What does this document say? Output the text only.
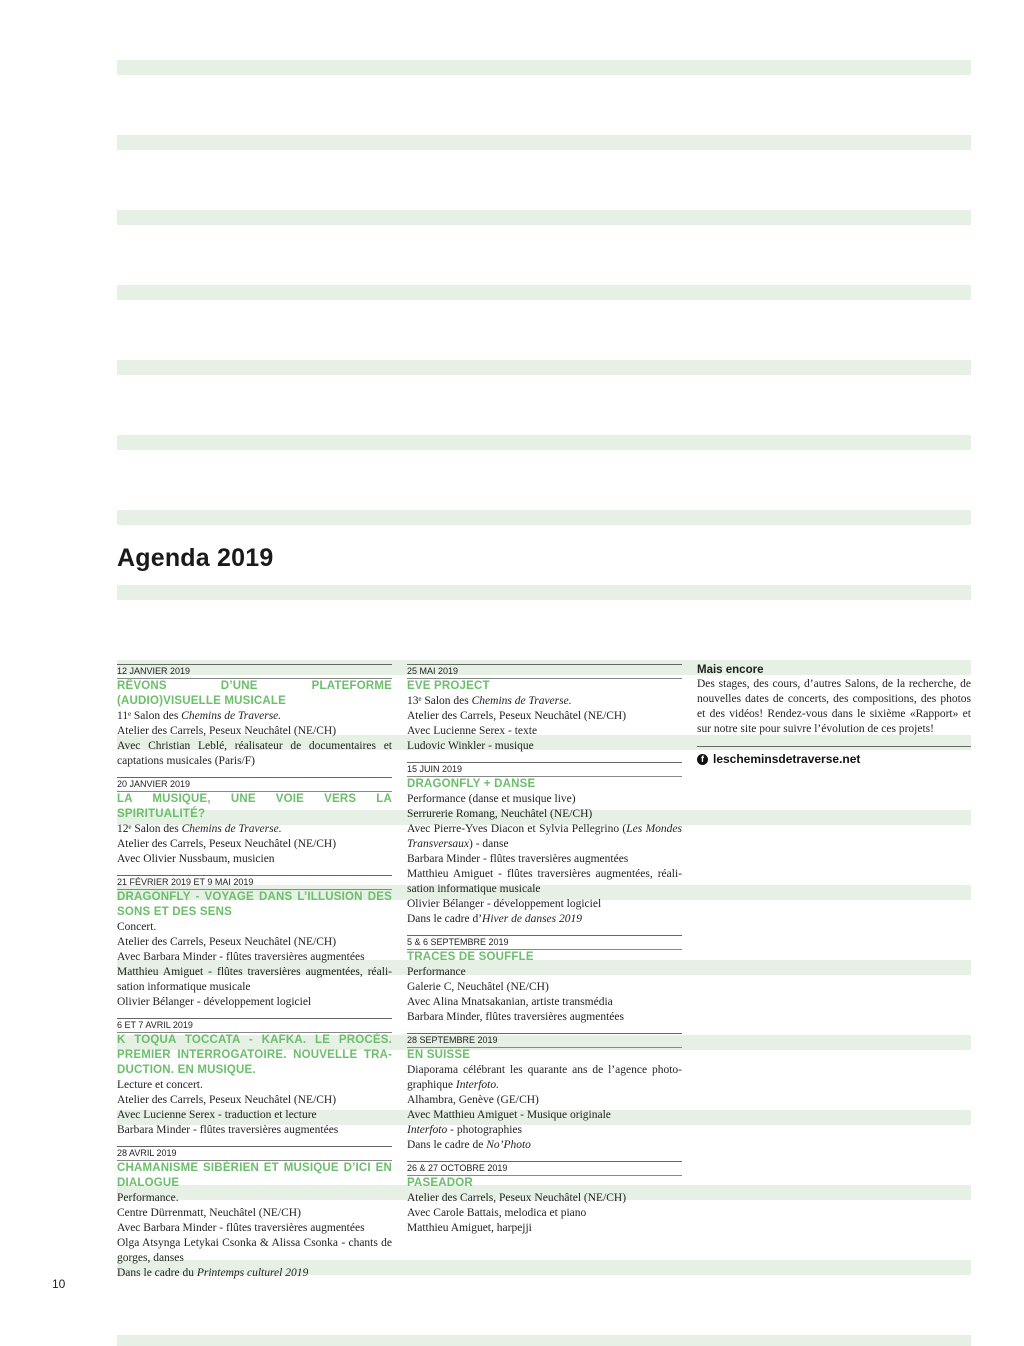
Agenda 2019
12 JANVIER 2019
RÊVONS D’UNE PLATEFORME (AUDIO)VISUELLE MUSICALE
11ᵉ Salon des Chemins de Traverse.
Atelier des Carrels, Peseux Neuchâtel (NE/CH)
Avec Christian Leblé, réalisateur de documentaires et captations musicales (Paris/F)
20 JANVIER 2019
LA MUSIQUE, UNE VOIE VERS LA SPIRITUALITÉ?
12ᵉ Salon des Chemins de Traverse.
Atelier des Carrels, Peseux Neuchâtel (NE/CH)
Avec Olivier Nussbaum, musicien
21 FÉVRIER 2019 ET 9 MAI 2019
DRAGONFLY - VOYAGE DANS L’ILLUSION DES SONS ET DES SENS
Concert.
Atelier des Carrels, Peseux Neuchâtel (NE/CH)
Avec Barbara Minder - flûtes traversières augmentées
Matthieu Amiguet - flûtes traversières augmentées, réalisation informatique musicale
Olivier Bélanger - développement logiciel
6 ET 7 AVRIL 2019
K TOQUA TOCCATA - KAFKA. LE PROCÈS. PREMIER INTERROGATOIRE. NOUVELLE TRADUCTION. EN MUSIQUE.
Lecture et concert.
Atelier des Carrels, Peseux Neuchâtel (NE/CH)
Avec Lucienne Serex - traduction et lecture
Barbara Minder - flûtes traversières augmentées
28 AVRIL 2019
CHAMANISME SIBÉRIEN ET MUSIQUE D’ICI EN DIALOGUE
Performance.
Centre Dürrenmatt, Neuchâtel (NE/CH)
Avec Barbara Minder - flûtes traversières augmentées
Olga Atsynga Letykai Csonka & Alissa Csonka - chants de gorges, danses
Dans le cadre du Printemps culturel 2019
25 MAI 2019
EVE PROJECT
13ᵉ Salon des Chemins de Traverse.
Atelier des Carrels, Peseux Neuchâtel (NE/CH)
Avec Lucienne Serex - texte
Ludovic Winkler - musique
15 JUIN 2019
DRAGONFLY + DANSE
Performance (danse et musique live)
Serrurerie Romang, Neuchâtel (NE/CH)
Avec Pierre-Yves Diacon et Sylvia Pellegrino (Les Mondes Transversaux) - danse
Barbara Minder - flûtes traversières augmentées
Matthieu Amiguet - flûtes traversières augmentées, réalisation informatique musicale
Olivier Bélanger - développement logiciel
Dans le cadre d’Hiver de danses 2019
5 & 6 SEPTEMBRE 2019
TRACES DE SOUFFLE
Performance
Galerie C, Neuchâtel (NE/CH)
Avec Alina Mnatsakanian, artiste transmédia
Barbara Minder, flûtes traversières augmentées
28 SEPTEMBRE 2019
EN SUISSE
Diaporama célébrant les quarante ans de l’agence photographique Interfoto.
Alhambra, Genève (GE/CH)
Avec Matthieu Amiguet - Musique originale
Interfoto - photographies
Dans le cadre de No’Photo
26 & 27 OCTOBRE 2019
PASEADOR
Atelier des Carrels, Peseux Neuchâtel (NE/CH)
Avec Carole Battais, melodica et piano
Matthieu Amiguet, harpejji
Mais encore
Des stages, des cours, d’autres Salons, de la recherche, de nouvelles dates de concerts, des compositions, des photos et des vidéos! Rendez-vous dans le sixième «Rapport» et sur notre site pour suivre l’évolution de ces projets!
f lescheminsdetraverse.net

10
